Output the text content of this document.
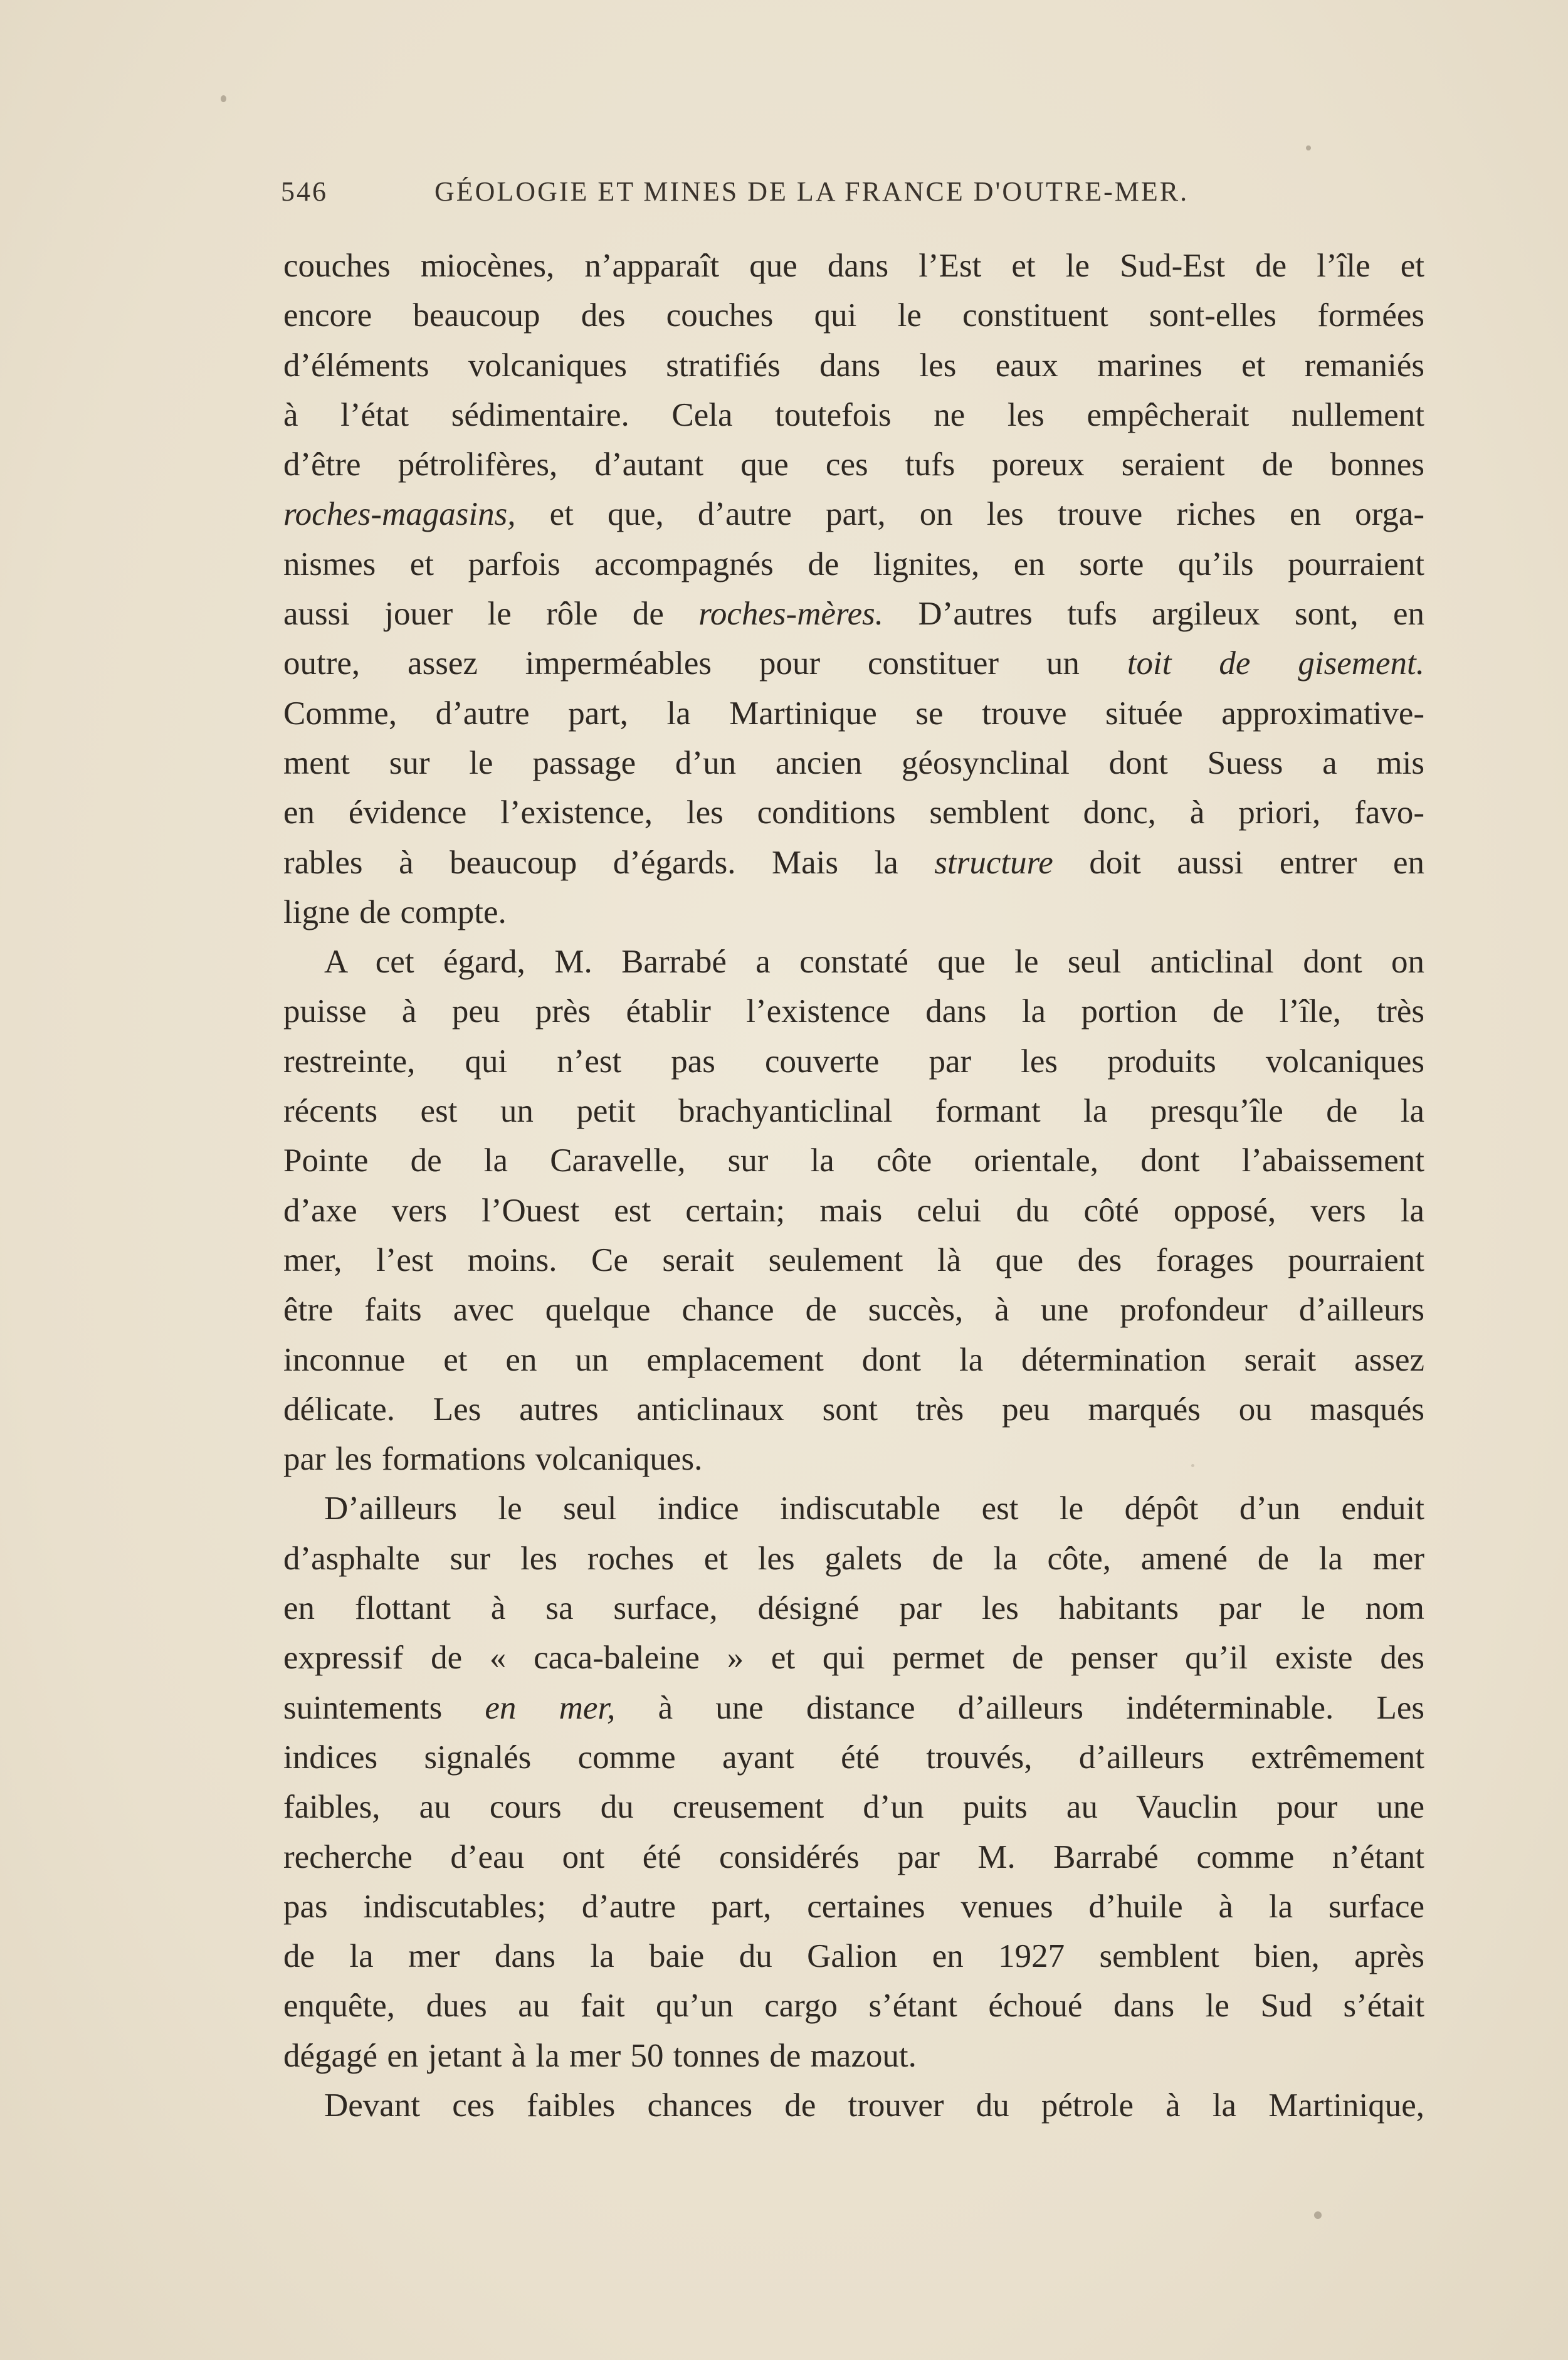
546	GÉOLOGIE ET MINES DE LA FRANCE D'OUTRE-MER.
couches miocènes, n’apparaît que dans l’Est et le Sud-Est de l’île et
encore beaucoup des couches qui le constituent sont-elles formées
d’éléments volcaniques stratifiés dans les eaux marines et remaniés
à l’état sédimentaire. Cela toutefois ne les empêcherait nullement
d’être pétrolifères, d’autant que ces tufs poreux seraient de bonnes
roches-magasins, et que, d’autre part, on les trouve riches en orga-
nismes et parfois accompagnés de lignites, en sorte qu’ils pourraient
aussi jouer le rôle de roches-mères. D’autres tufs argileux sont, en
outre, assez imperméables pour constituer un toit de gisement.
Comme, d’autre part, la Martinique se trouve située approximative-
ment sur le passage d’un ancien géosynclinal dont Suess a mis
en évidence l’existence, les conditions semblent donc, à priori, favo-
rables à beaucoup d’égards. Mais la structure doit aussi entrer en
ligne de compte.
A cet égard, M. Barrabé a constaté que le seul anticlinal dont on
puisse à peu près établir l’existence dans la portion de l’île, très
restreinte, qui n’est pas couverte par les produits volcaniques
récents est un petit brachyanticlinal formant la presqu’île de la
Pointe de la Caravelle, sur la côte orientale, dont l’abaissement
d’axe vers l’Ouest est certain; mais celui du côté opposé, vers la
mer, l’est moins. Ce serait seulement là que des forages pourraient
être faits avec quelque chance de succès, à une profondeur d’ailleurs
inconnue et en un emplacement dont la détermination serait assez
délicate. Les autres anticlinaux sont très peu marqués ou masqués
par les formations volcaniques.
D’ailleurs le seul indice indiscutable est le dépôt d’un enduit
d’asphalte sur les roches et les galets de la côte, amené de la mer
en flottant à sa surface, désigné par les habitants par le nom
expressif de « caca-baleine » et qui permet de penser qu’il existe des
suintements en mer, à une distance d’ailleurs indéterminable. Les
indices signalés comme ayant été trouvés, d’ailleurs extrêmement
faibles, au cours du creusement d’un puits au Vauclin pour une
recherche d’eau ont été considérés par M. Barrabé comme n’étant
pas indiscutables; d’autre part, certaines venues d’huile à la surface
de la mer dans la baie du Galion en 1927 semblent bien, après
enquête, dues au fait qu’un cargo s’étant échoué dans le Sud s’était
dégagé en jetant à la mer 50 tonnes de mazout.
Devant ces faibles chances de trouver du pétrole à la Martinique,
